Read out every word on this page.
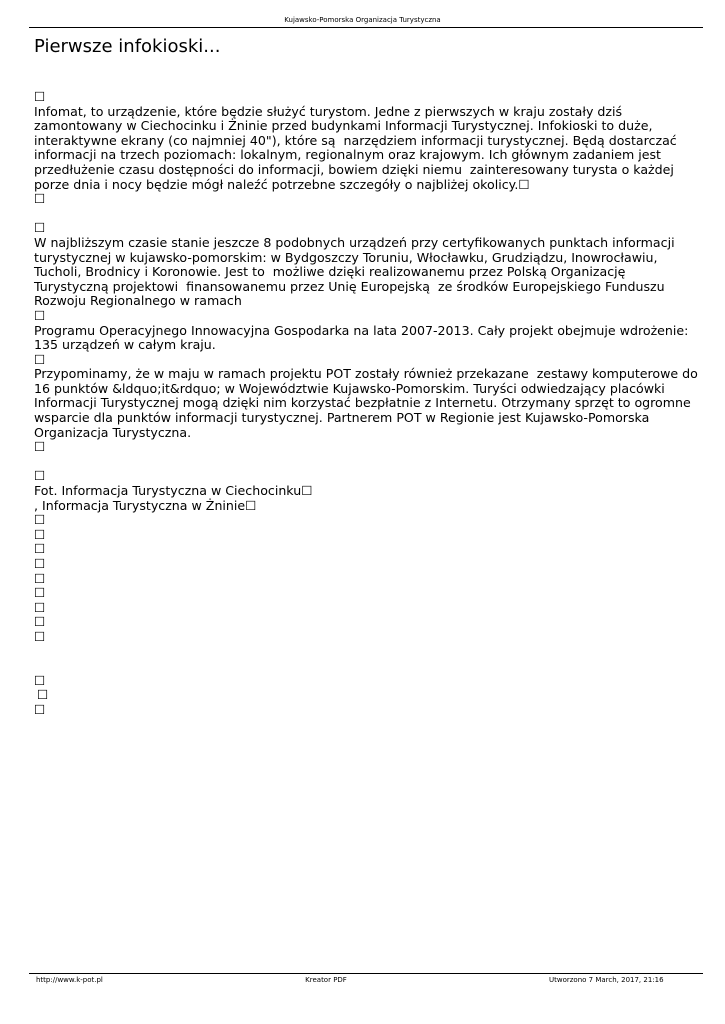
Kujawsko-Pomorska Organizacja Turystyczna
Pierwsze infokioski...
☐
Infomat, to urządzenie, które będzie służyć turystom. Jedne z pierwszych w kraju zostały dziś
zamontowany w Ciechocinku i Żninie przed budynkami Informacji Turystycznej. Infokioski to duże,
interaktywne ekrany (co najmniej 40"), które są  narzędziem informacji turystycznej. Będą dostarczać
informacji na trzech poziomach: lokalnym, regionalnym oraz krajowym. Ich głównym zadaniem jest
przedłużenie czasu dostępności do informacji, bowiem dzięki niemu  zainteresowany turysta o każdej
porze dnia i nocy będzie mógł naleźć potrzebne szczegóły o najbliżej okolicy.☐
☐
☐
W najbliższym czasie stanie jeszcze 8 podobnych urządzeń przy certyfikowanych punktach informacji
turystycznej w kujawsko-pomorskim: w Bydgoszczy Toruniu, Włocławku, Grudziądzu, Inowrocławiu,
Tucholi, Brodnicy i Koronowie. Jest to  możliwe dzięki realizowanemu przez Polską Organizację
Turystyczną projektowi  finansowanemu przez Unię Europejską  ze środków Europejskiego Funduszu
Rozwoju Regionalnego w ramach
☐
Programu Operacyjnego Innowacyjna Gospodarka na lata 2007-2013. Cały projekt obejmuje wdrożenie:
135 urządzeń w całym kraju.
☐
Przypominamy, że w maju w ramach projektu POT zostały również przekazane  zestawy komputerowe do
16 punktów &ldquo;it&rdquo; w Województwie Kujawsko-Pomorskim. Turyści odwiedzający placówki
Informacji Turystycznej mogą dzięki nim korzystać bezpłatnie z Internetu. Otrzymany sprzęt to ogromne
wsparcie dla punktów informacji turystycznej. Partnerem POT w Regionie jest Kujawsko-Pomorska
Organizacja Turystyczna.
☐
☐
Fot. Informacja Turystyczna w Ciechocinku☐
, Informacja Turystyczna w Żninie☐
☐
☐
☐
☐
☐
☐
☐
☐
☐
☐
☐
☐
http://www.k-pot.pl	Kreator PDF	Utworzono 7 March, 2017, 21:16
